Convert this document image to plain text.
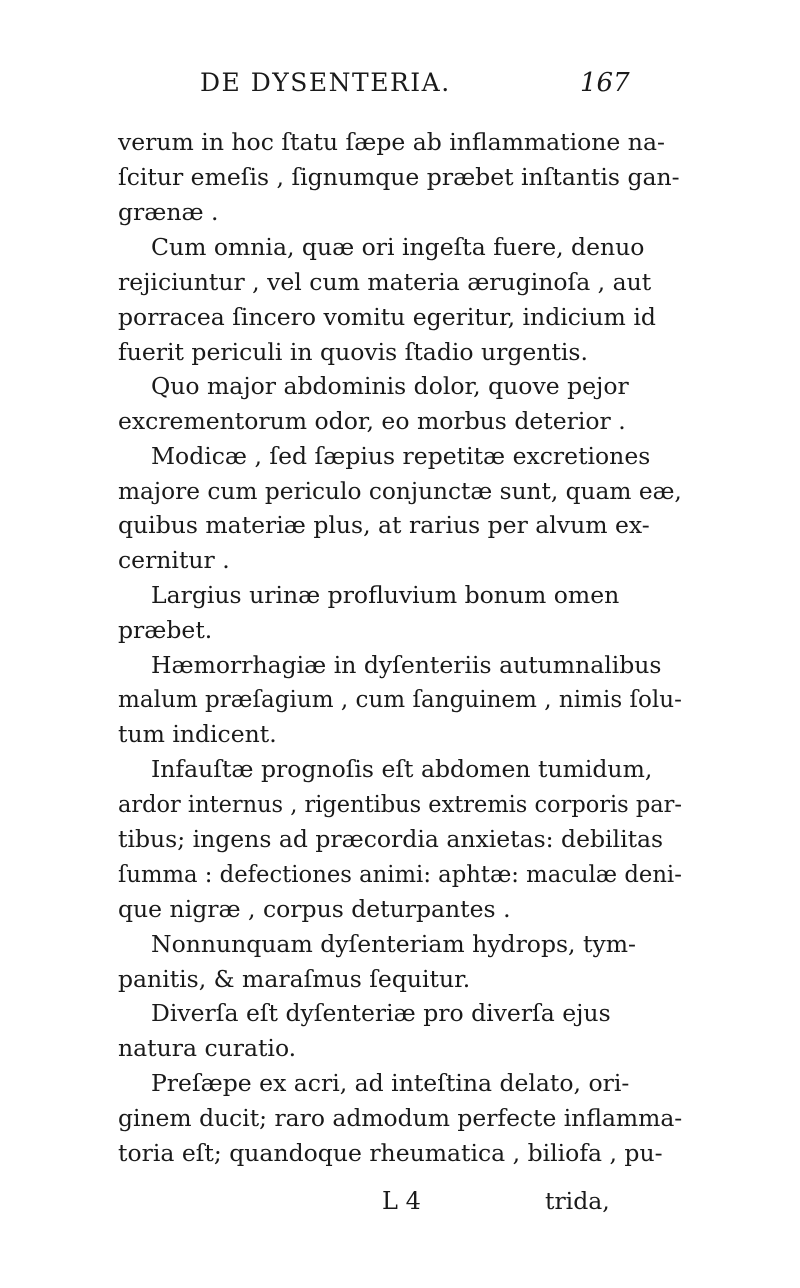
DE DYSENTERIA.	167
verum in hoc ſtatu ſæpe ab inflammatione na-
ſcitur emeſis , ſignumque præbet inſtantis gan-
grænæ .
Cum omnia, quæ ori ingeſta fuere, denuo
rejiciuntur , vel cum materia æruginoſa , aut
porracea ſincero vomitu egeritur, indicium id
fuerit periculi in quovis ſtadio urgentis.
Quo major abdominis dolor, quove pejor
excrementorum odor, eo morbus deterior .
Modicæ , ſed ſæpius repetitæ excretiones
majore cum periculo conjunctæ sunt, quam eæ,
quibus materiæ plus, at rarius per alvum ex-
cernitur .
Largius urinæ profluvium bonum omen
præbet.
Hæmorrhagiæ in dyſenteriis autumnalibus
malum præſagium , cum ſanguinem , nimis ſolu-
tum indicent.
Infauſtæ prognoſis eſt abdomen tumidum,
ardor internus , rigentibus extremis corporis par-
tibus; ingens ad præcordia anxietas: debilitas
ſumma : defectiones animi: aphtæ: maculæ deni-
que nigræ , corpus deturpantes .
Nonnunquam dyſenteriam hydrops, tym-
panitis, & maraſmus ſequitur.
Diverſa eſt dyſenteriæ pro diverſa ejus
natura curatio.
Preſæpe ex acri, ad inteſtina delato, ori-
ginem ducit; raro admodum perfecte inflamma-
toria eſt; quandoque rheumatica , biliofa , pu-
L 4	trida,
